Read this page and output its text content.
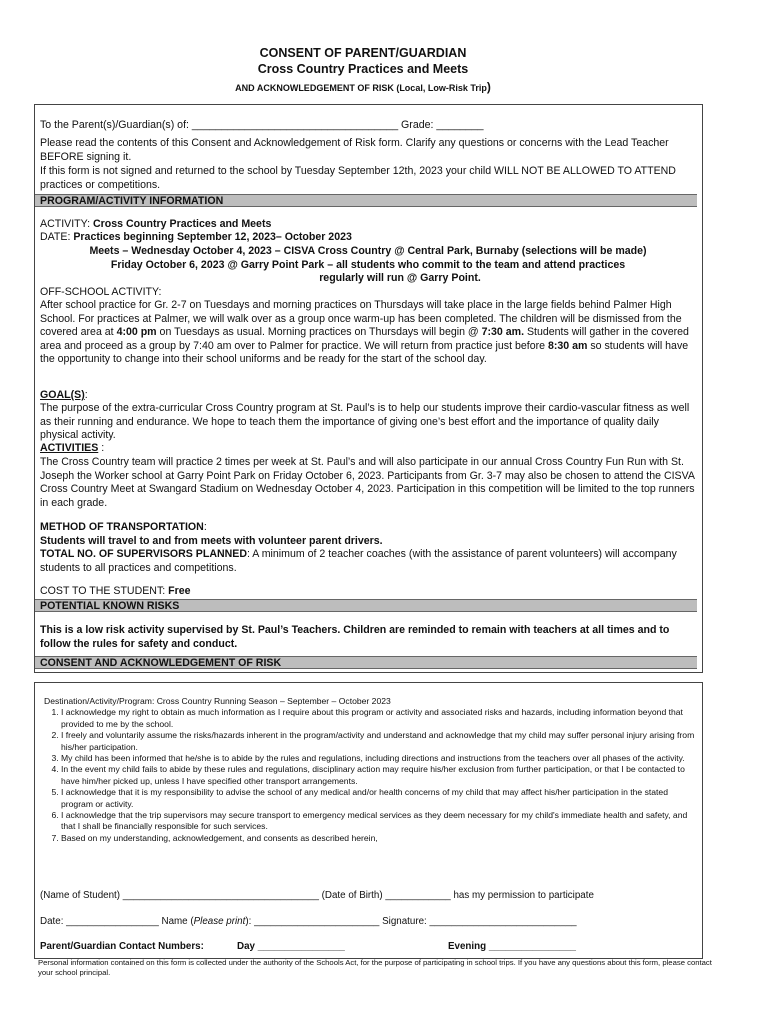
CONSENT OF PARENT/GUARDIAN
Cross Country Practices and Meets
AND ACKNOWLEDGEMENT OF RISK (Local, Low-Risk Trip)
To the Parent(s)/Guardian(s) of: ___________________________________ Grade: ________
Please read the contents of this Consent and Acknowledgement of Risk form. Clarify any questions or concerns with the Lead Teacher BEFORE signing it.
If this form is not signed and returned to the school by Tuesday September 12th, 2023 your child WILL NOT BE ALLOWED TO ATTEND practices or competitions.
PROGRAM/ACTIVITY INFORMATION
ACTIVITY: Cross Country Practices and Meets
DATE: Practices beginning September 12, 2023– October 2023
Meets – Wednesday October 4, 2023 – CISVA Cross Country @ Central Park, Burnaby (selections will be made)
Friday October 6, 2023 @ Garry Point Park – all students who commit to the team and attend practices
regularly will run @ Garry Point.
OFF-SCHOOL ACTIVITY:
After school practice for Gr. 2-7 on Tuesdays and morning practices on Thursdays will take place in the large fields behind Palmer High School. For practices at Palmer, we will walk over as a group once warm-up has been completed. The children will be dismissed from the covered area at 4:00 pm on Tuesdays as usual. Morning practices on Thursdays will begin @ 7:30 am. Students will gather in the covered area and proceed as a group by 7:40 am over to Palmer for practice. We will return from practice just before 8:30 am so students will have the opportunity to change into their school uniforms and be ready for the start of the school day.
GOAL(S):
The purpose of the extra-curricular Cross Country program at St. Paul’s is to help our students improve their cardio-vascular fitness as well as their running and endurance. We hope to teach them the importance of giving one’s best effort and the importance of quality daily physical activity.
ACTIVITIES :
The Cross Country team will practice 2 times per week at St. Paul’s and will also participate in our annual Cross Country Fun Run with St. Joseph the Worker school at Garry Point Park on Friday October 6, 2023. Participants from Gr. 3-7 may also be chosen to attend the CISVA Cross Country Meet at Swangard Stadium on Wednesday October 4, 2023. Participation in this competition will be limited to the top runners in each grade.
METHOD OF TRANSPORTATION:
Students will travel to and from meets with volunteer parent drivers.
TOTAL NO. OF SUPERVISORS PLANNED: A minimum of 2 teacher coaches (with the assistance of parent volunteers) will accompany students to all practices and competitions.
COST TO THE STUDENT: Free
POTENTIAL KNOWN RISKS
This is a low risk activity supervised by St. Paul’s Teachers. Children are reminded to remain with teachers at all times and to follow the rules for safety and conduct.
CONSENT AND ACKNOWLEDGEMENT OF RISK
Destination/Activity/Program: Cross Country Running Season – September – October 2023
1. I acknowledge my right to obtain as much information as I require about this program or activity and associated risks and hazards, including information beyond that provided to me by the school.
2. I freely and voluntarily assume the risks/hazards inherent in the program/activity and understand and acknowledge that my child may suffer personal injury arising from his/her participation.
3. My child has been informed that he/she is to abide by the rules and regulations, including directions and instructions from the teachers over all phases of the activity.
4. In the event my child fails to abide by these rules and regulations, disciplinary action may require his/her exclusion from further participation, or that I be contacted to have him/her picked up, unless I have specified other transport arrangements.
5. I acknowledge that it is my responsibility to advise the school of any medical and/or health concerns of my child that may affect his/her participation in the stated program or activity.
6. I acknowledge that the trip supervisors may secure transport to emergency medical services as they deem necessary for my child's immediate health and safety, and that I shall be financially responsible for such services.
7. Based on my understanding, acknowledgement, and consents as described herein,
(Name of Student) ____________________________________ (Date of Birth) ____________ has my permission to participate
Date: _________________ Name (Please print): _______________________ Signature: ___________________________
Parent/Guardian Contact Numbers:	Day ________________	Evening ________________
Personal information contained on this form is collected under the authority of the Schools Act, for the purpose of participating in school trips. If you have any questions about this form, please contact your school principal.
